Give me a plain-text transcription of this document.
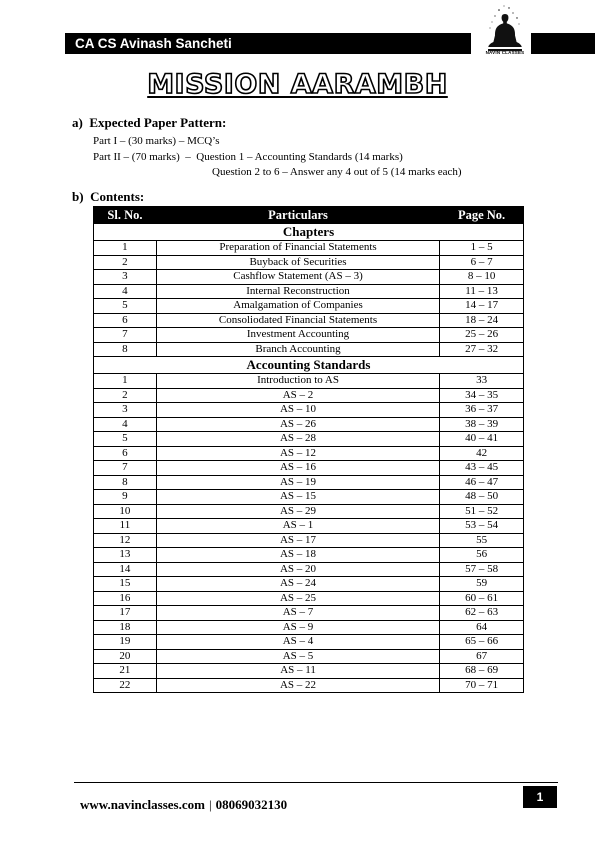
CA CS Avinash Sancheti
NAVIN CLASSES
MISSION AARAMBH
a) Expected Paper Pattern:
Part I – (30 marks) – MCQ’s
Part II – (70 marks)  –  Question 1 – Accounting Standards (14 marks)
Question 2 to 6 – Answer any 4 out of 5 (14 marks each)
b) Contents:
Sl. No.	Particulars	Page No.
Chapters		
1	Preparation of Financial Statements	1 – 5
2	Buyback of Securities	6 – 7
3	Cashflow Statement (AS – 3)	8 – 10
4	Internal Reconstruction	11 – 13
5	Amalgamation of Companies	14 – 17
6	Consoliodated Financial Statements	18 – 24
7	Investment Accounting	25 – 26
8	Branch Accounting	27 – 32
Accounting Standards		
1	Introduction to AS	33
2	AS – 2	34 – 35
3	AS – 10	36 – 37
4	AS – 26	38 – 39
5	AS – 28	40 – 41
6	AS – 12	42
7	AS – 16	43 – 45
8	AS – 19	46 – 47
9	AS – 15	48 – 50
10	AS – 29	51 – 52
11	AS – 1	53 – 54
12	AS – 17	55
13	AS – 18	56
14	AS – 20	57 – 58
15	AS – 24	59
16	AS – 25	60 – 61
17	AS – 7	62 – 63
18	AS – 9	64
19	AS – 4	65 – 66
20	AS – 5	67
21	AS – 11	68 – 69
22	AS – 22	70 – 71
www.navinclasses.com | 08069032130	1
